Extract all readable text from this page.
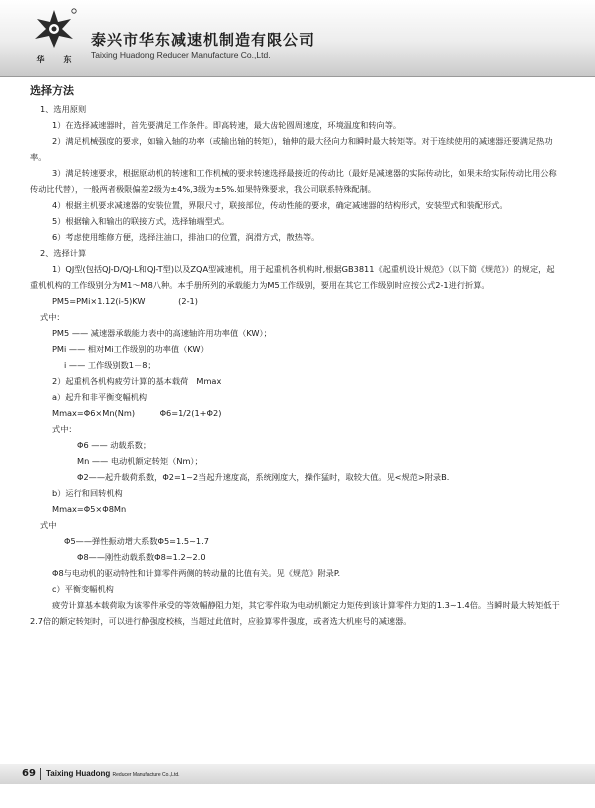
华 东
泰兴市华东减速机制造有限公司
Taixing Huadong Reducer Manufacture Co.,Ltd.

选择方法

1、选用原则

1）在选择减速器时，首先要满足工作条件。即高转速，最大齿轮圆周速度，环境温度和转向等。

2）满足机械强度的要求，如输入轴的功率（或输出轴的转矩），轴伸的最大径向力和瞬时最大转矩等。对于连续使用的减速器还要满足热功率。

3）满足转速要求，根据原动机的转速和工作机械的要求转速选择最接近的传动比（最好是减速器的实际传动比，如果未给实际传动比用公称传动比代替），一般两者极限偏差2级为±4%,3级为±5%.如果特殊要求，我公司联系特殊配制。

4）根据主机要求减速器的安装位置，界限尺寸，联接部位，传动性能的要求，确定减速器的结构形式，安装型式和装配形式。

5）根据输入和输出的联接方式，选择轴端型式。

6）考虑使用维修方便，选择注油口，排油口的位置，润滑方式，散热等。

2、选择计算

1）QJ型(包括QJ-D/QJ-L和QJ-T型)以及ZQA型减速机，用于起重机各机构时,根据GB3811《起重机设计规范》（以下简《规范》）的规定，起重机机构的工作级别分为M1～M8八种。本手册所列的承载能力为M5工作级别，要用在其它工作级别时应按公式2-1进行折算。

PM5=PMi×1.12(i-5)KW　　　　(2-1)

式中：

PM5 —— 减速器承载能力表中的高速轴许用功率值（KW）；

PMi —— 相对Mi工作级别的功率值（KW）

i —— 工作级别数1－8；

2）起重机各机构疲劳计算的基本载荷　Mmax

a）起升和非平衡变幅机构

Mmax=Φ6×Mn(Nm)　　　Φ6=1/2(1+Φ2)

式中：

Φ6 —— 动载系数；

Mn —— 电动机额定转矩（Nm）；

Φ2——起升载荷系数，Φ2=1~2当起升速度高，系统刚度大，操作猛时，取较大值。见<规范>附录B.

b）运行和回转机构

Mmax=Φ5×Φ8Mn

式中

Φ5——弹性振动增大系数Φ5=1.5~1.7

Φ8——刚性动载系数Φ8=1.2~2.0

Φ8与电动机的驱动特性和计算零件两侧的转动量的比值有关。见《规范》附录P.

c）平衡变幅机构

疲劳计算基本载荷取为该零件承受的等效幅静阻力矩，其它零件取为电动机额定力矩传到该计算零件力矩的1.3~1.4倍。当瞬时最大转矩低于2.7倍的额定转矩时，可以进行静强度校核，当超过此值时，应验算零件强度，或者选大机座号的减速器。

69 Taixing Huadong Reducer Manufacture Co.,Ltd.
